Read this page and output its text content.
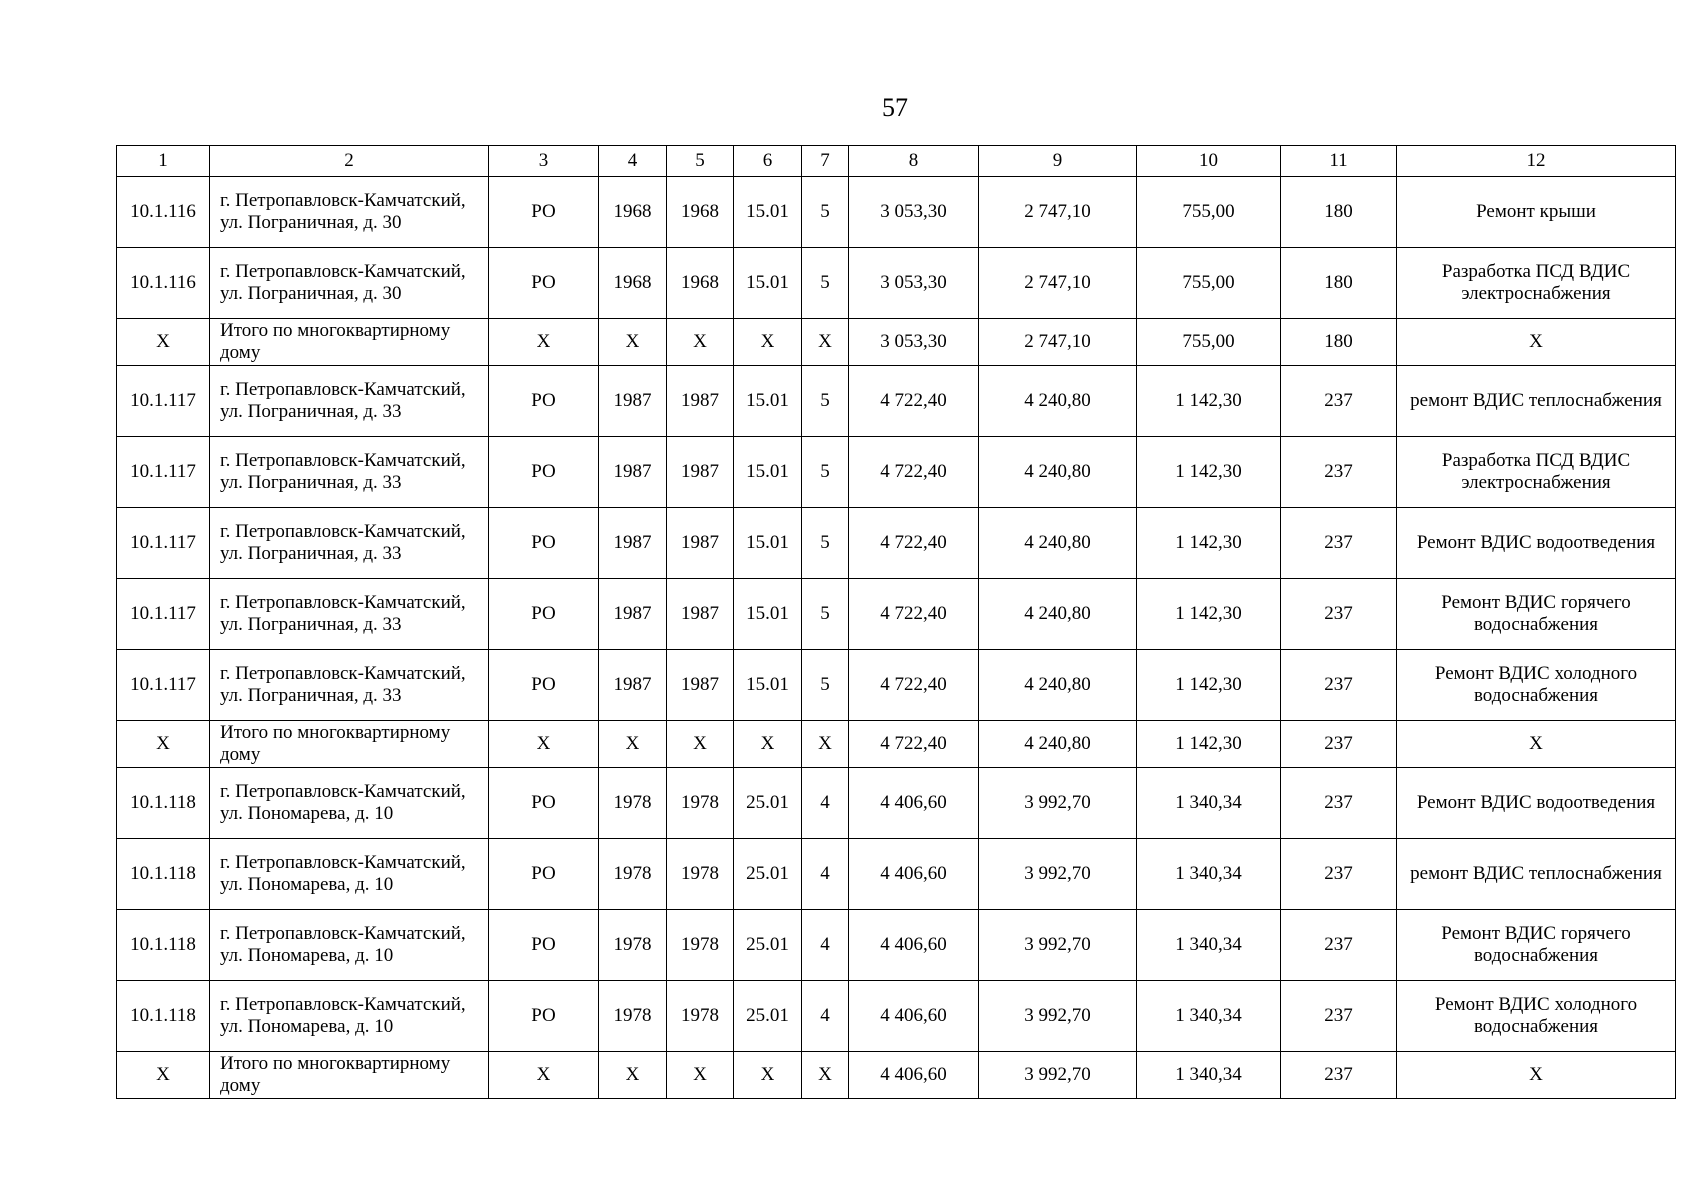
57
1	2	3	4	5	6	7	8	9	10	11	12
10.1.116	г. Петропавловск-Камчатский, ул. Пограничная, д. 30	РО	1968	1968	15.01	5	3 053,30	2 747,10	755,00	180	Ремонт крыши
10.1.116	г. Петропавловск-Камчатский, ул. Пограничная, д. 30	РО	1968	1968	15.01	5	3 053,30	2 747,10	755,00	180	Разработка ПСД ВДИС электроснабжения
Х	Итого по многоквартирному дому	Х	Х	Х	Х	Х	3 053,30	2 747,10	755,00	180	Х
10.1.117	г. Петропавловск-Камчатский, ул. Пограничная, д. 33	РО	1987	1987	15.01	5	4 722,40	4 240,80	1 142,30	237	ремонт ВДИС теплоснабжения
10.1.117	г. Петропавловск-Камчатский, ул. Пограничная, д. 33	РО	1987	1987	15.01	5	4 722,40	4 240,80	1 142,30	237	Разработка ПСД ВДИС электроснабжения
10.1.117	г. Петропавловск-Камчатский, ул. Пограничная, д. 33	РО	1987	1987	15.01	5	4 722,40	4 240,80	1 142,30	237	Ремонт ВДИС водоотведения
10.1.117	г. Петропавловск-Камчатский, ул. Пограничная, д. 33	РО	1987	1987	15.01	5	4 722,40	4 240,80	1 142,30	237	Ремонт ВДИС горячего водоснабжения
10.1.117	г. Петропавловск-Камчатский, ул. Пограничная, д. 33	РО	1987	1987	15.01	5	4 722,40	4 240,80	1 142,30	237	Ремонт ВДИС холодного водоснабжения
Х	Итого по многоквартирному дому	Х	Х	Х	Х	Х	4 722,40	4 240,80	1 142,30	237	Х
10.1.118	г. Петропавловск-Камчатский, ул. Пономарева, д. 10	РО	1978	1978	25.01	4	4 406,60	3 992,70	1 340,34	237	Ремонт ВДИС водоотведения
10.1.118	г. Петропавловск-Камчатский, ул. Пономарева, д. 10	РО	1978	1978	25.01	4	4 406,60	3 992,70	1 340,34	237	ремонт ВДИС теплоснабжения
10.1.118	г. Петропавловск-Камчатский, ул. Пономарева, д. 10	РО	1978	1978	25.01	4	4 406,60	3 992,70	1 340,34	237	Ремонт ВДИС горячего водоснабжения
10.1.118	г. Петропавловск-Камчатский, ул. Пономарева, д. 10	РО	1978	1978	25.01	4	4 406,60	3 992,70	1 340,34	237	Ремонт ВДИС холодного водоснабжения
Х	Итого по многоквартирному дому	Х	Х	Х	Х	Х	4 406,60	3 992,70	1 340,34	237	Х
